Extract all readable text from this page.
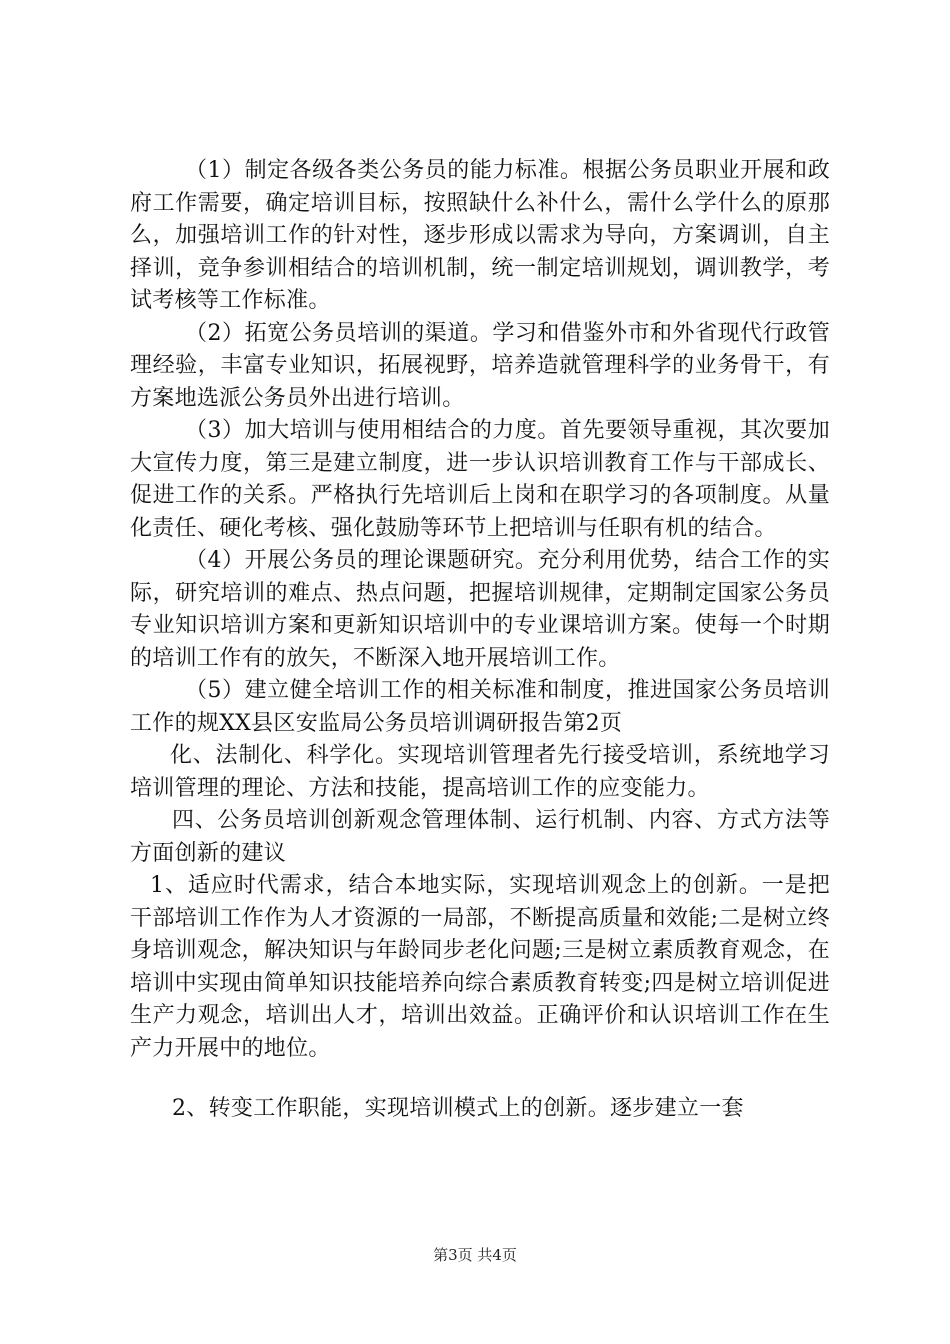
（1）制定各级各类公务员的能力标准。根据公务员职业开展和政府工作需要，确定培训目标，按照缺什么补什么，需什么学什么的原那么，加强培训工作的针对性，逐步形成以需求为导向，方案调训，自主择训，竞争参训相结合的培训机制，统一制定培训规划，调训教学，考试考核等工作标准。

（2）拓宽公务员培训的渠道。学习和借鉴外市和外省现代行政管理经验，丰富专业知识，拓展视野，培养造就管理科学的业务骨干，有方案地选派公务员外出进行培训。

（3）加大培训与使用相结合的力度。首先要领导重视，其次要加大宣传力度，第三是建立制度，进一步认识培训教育工作与干部成长、促进工作的关系。严格执行先培训后上岗和在职学习的各项制度。从量化责任、硬化考核、强化鼓励等环节上把培训与任职有机的结合。

（4）开展公务员的理论课题研究。充分利用优势，结合工作的实际，研究培训的难点、热点问题，把握培训规律，定期制定国家公务员专业知识培训方案和更新知识培训中的专业课培训方案。使每一个时期的培训工作有的放矢，不断深入地开展培训工作。

（5）建立健全培训工作的相关标准和制度，推进国家公务员培训工作的规XX县区安监局公务员培训调研报告第2页

化、法制化、科学化。实现培训管理者先行接受培训，系统地学习培训管理的理论、方法和技能，提高培训工作的应变能力。

四、公务员培训创新观念管理体制、运行机制、内容、方式方法等方面创新的建议

1、适应时代需求，结合本地实际，实现培训观念上的创新。一是把干部培训工作作为人才资源的一局部，不断提高质量和效能;二是树立终身培训观念，解决知识与年龄同步老化问题;三是树立素质教育观念，在培训中实现由简单知识技能培养向综合素质教育转变;四是树立培训促进生产力观念，培训出人才，培训出效益。正确评价和认识培训工作在生产力开展中的地位。

2、转变工作职能，实现培训模式上的创新。逐步建立一套

第3页 共4页
